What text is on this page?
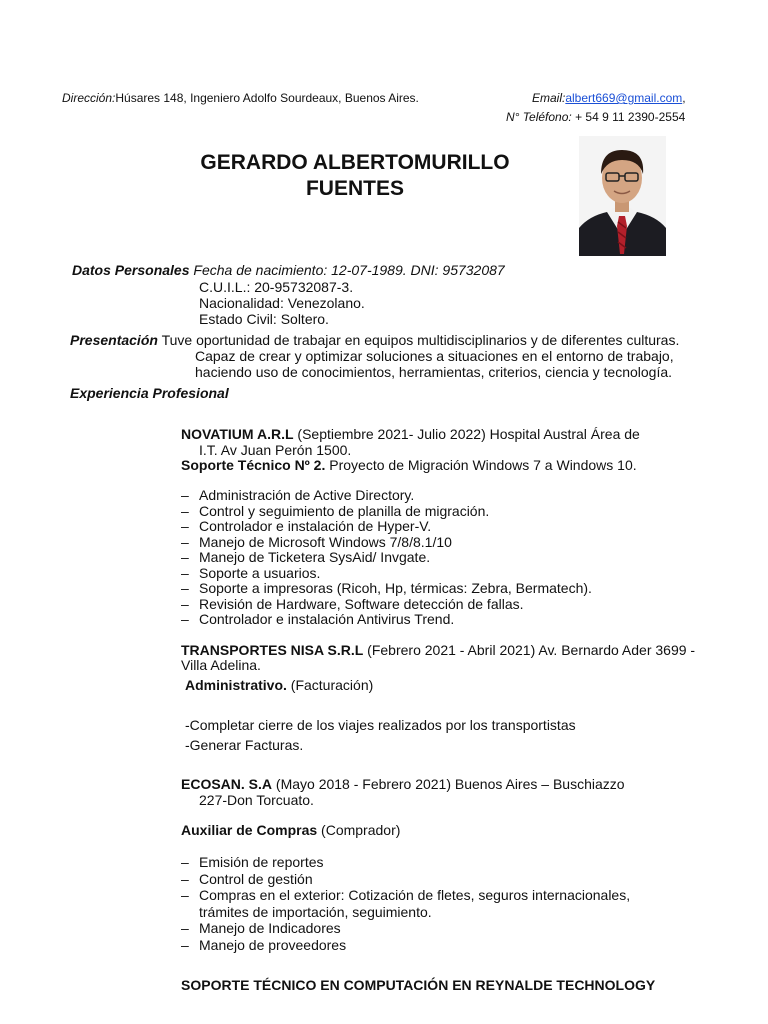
Dirección:Húsares 148, Ingeniero Adolfo Sourdeaux, Buenos Aires.	Email:albert669@gmail.com,
N° Teléfono: + 54 9 11 2390-2554
GERARDO ALBERTOMURILLO
FUENTES
Datos Personales Fecha de nacimiento: 12-07-1989. DNI: 95732087
C.U.I.L.: 20-95732087-3.
Nacionalidad: Venezolano.
Estado Civil: Soltero.
Presentación Tuve oportunidad de trabajar en equipos multidisciplinarios y de diferentes culturas.
Capaz de crear y optimizar soluciones a situaciones en el entorno de trabajo,
haciendo uso de conocimientos, herramientas, criterios, ciencia y tecnología.
Experiencia Profesional
NOVATIUM A.R.L (Septiembre 2021- Julio 2022) Hospital Austral Área de
I.T. Av Juan Perón 1500.
Soporte Técnico Nº 2. Proyecto de Migración Windows 7 a Windows 10.
– Administración de Active Directory.
– Control y seguimiento de planilla de migración.
– Controlador e instalación de Hyper-V.
– Manejo de Microsoft Windows 7/8/8.1/10
– Manejo de Ticketera SysAid/ Invgate.
– Soporte a usuarios.
– Soporte a impresoras (Ricoh, Hp, térmicas: Zebra, Bermatech).
– Revisión de Hardware, Software detección de fallas.
– Controlador e instalación Antivirus Trend.
TRANSPORTES NISA S.R.L (Febrero 2021 - Abril 2021) Av. Bernardo Ader 3699 -
Villa Adelina.
Administrativo. (Facturación)
-Completar cierre de los viajes realizados por los transportistas
-Generar Facturas.
ECOSAN. S.A (Mayo 2018 - Febrero 2021) Buenos Aires – Buschiazzo
227-Don Torcuato.
Auxiliar de Compras (Comprador)
– Emisión de reportes
– Control de gestión
– Compras en el exterior: Cotización de fletes, seguros internacionales,
trámites de importación, seguimiento.
– Manejo de Indicadores
– Manejo de proveedores
SOPORTE TÉCNICO EN COMPUTACIÓN EN REYNALDE TECHNOLOGY
